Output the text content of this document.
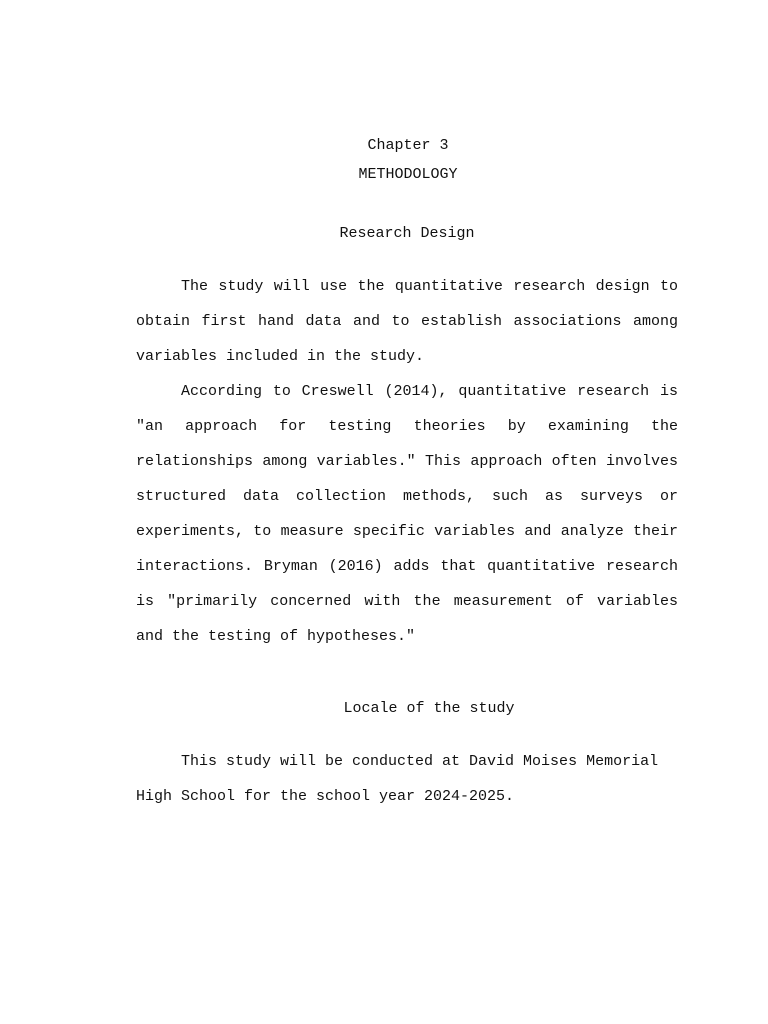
Chapter 3
METHODOLOGY
Research Design
The study will use the quantitative research design to
obtain first hand data and to establish associations among
variables included in the study.
According to Creswell (2014), quantitative research is
"an approach for testing theories by examining the
relationships among variables." This approach often involves
structured data collection methods, such as surveys or
experiments, to measure specific variables and analyze their
interactions. Bryman (2016) adds that quantitative research
is "primarily concerned with the measurement of variables
and the testing of hypotheses."
Locale of the study
This study will be conducted at David Moises Memorial
High School for the school year 2024-2025.
